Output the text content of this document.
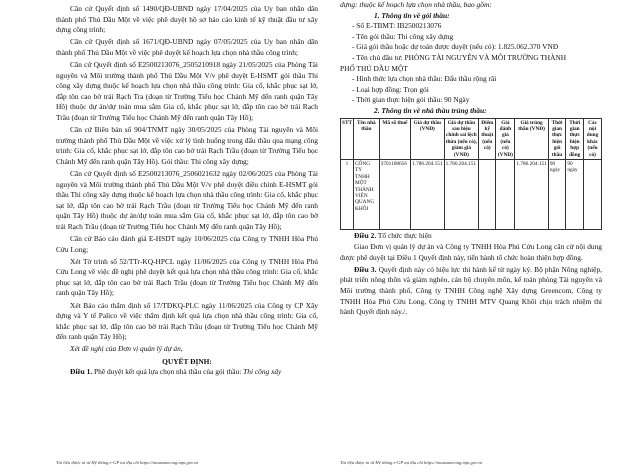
Căn cứ Quyết định số 1490/QĐ-UBND ngày 17/04/2025 của Uy ban nhân dân thành phố Thủ Dầu Một về việc phê duyệt hồ sơ báo cáo kinh tế kỹ thuật đầu tư xây dựng công trình;

Căn cứ Quyết định số 1671/QĐ-UBND ngày 07/05/2025 của Uy ban nhân dân thành phố Thủ Dầu Một về việc phê duyệt kế hoạch lựa chọn nhà thầu công trình;

Căn cứ Quyết định số E2500213076_2505210918 ngày 21/05/2025 của Phòng Tài nguyên và Môi trường thành phố Thủ Dầu Một V/v phê duyệt E-HSMT gói thầu Thi công xây dựng thuộc kế hoạch lựa chọn nhà thầu công trình: Gia cố, khắc phục sạt lở, đắp tôn cao bờ trái Rạch Tra (đoạn từ Trường Tiểu học Chánh Mỹ đến ranh quận Tây Hồ) thuộc dự án/dự toán mua sắm Gia cố, khắc phục sạt lở, đắp tôn cao bờ trái Rạch Trầu (đoạn từ Trường Tiểu học Chánh Mỹ đến ranh quận Tây Hồ);

Căn cứ Biên bản số 904/TNMT ngày 30/05/2025 của Phòng Tài nguyên và Môi trường thành phố Thủ Dầu Một về việc xử lý tình huống trong đấu thầu qua mạng công trình: Gia cố, khắc phục sạt lở, đắp tôn cao bờ trái Rạch Trầu (đoạn từ Trường Tiểu học Chánh Mỹ đến ranh quận Tây Hồ). Gói thầu: Thi công xây dựng;

Căn cứ Quyết định số E2500213076_2506021632 ngày 02/06/2025 của Phòng Tài nguyên và Môi trường thành phố Thủ Dầu Một V/v phê duyệt điều chỉnh E-HSMT gói thầu Thi công xây dựng thuộc kế hoạch lựa chọn nhà thầu công trình: Gia cố, khắc phục sạt lở, đắp tôn cao bờ trái Rạch Trầu (đoạn từ Trường Tiểu học Chánh Mỹ đến ranh quận Tây Hồ) thuộc dự án/dự toán mua sắm Gia cố, khắc phục sạt lở, đắp tôn cao bờ trái Rạch Trầu (đoạn từ Trường Tiểu học Chánh Mỹ đến ranh quận Tây Hồ);

Căn cứ Báo cáo đánh giá E-HSDT ngày 10/06/2025 của Công ty TNHH Hòa Phú Cửu Long;

Xét Tờ trình số 52/TTr-KQ-HPCL ngày 11/06/2025 của Công ty TNHH Hòa Phú Cửu Long về việc đề nghị phê duyệt kết quả lựa chọn nhà thầu công trình: Gia cố, khắc phục sạt lở, đắp tôn cao bờ trái Rạch Trầu (đoạn từ Trường Tiểu học Chánh Mỹ đến ranh quận Tây Hồ);

Xét Báo cáo thẩm định số 17/TĐKQ-PLC ngày 11/06/2025 của Công ty CP Xây dựng và Y tế Palico về việc thẩm định kết quả lựa chọn nhà thầu công trình: Gia cố, khắc phục sạt lở, đắp tôn cao bờ trái Rạch Trầu (đoạn từ Trường Tiểu học Chánh Mỹ đến ranh quận Tây Hồ);

Xét đề nghị của Đơn vị quản lý dự án,

QUYẾT ĐỊNH:

Điều 1. Phê duyệt kết quả lựa chọn nhà thầu của gói thầu: Thi công xây

dựng: thuộc kế hoạch lựa chọn nhà thầu, bao gồm:

1. Thông tin về gói thầu:
- Số E-TBMT: IB2500213076
- Tên gói thầu: Thi công xây dựng
- Giá gói thầu hoặc dự toán được duyệt (nếu có): 1.825.062.370 VNĐ
- Tên chủ đầu tư: PHÒNG TÀI NGUYÊN VÀ MÔI TRƯỜNG THÀNH
PHỐ THỦ DẦU MỘT
- Hình thức lựa chọn nhà thầu: Đấu thầu rộng rãi
- Loại hợp đồng: Trọn gói
- Thời gian thực hiện gói thầu: 90 Ngày
2. Thông tin về nhà thầu trúng thầu:
STT	Tên nhà thầu	Mã số thuế	Giá dự thầu (VNĐ)	Giá dự thầu sau hiệu chỉnh sai lệch thừa (nếu có), giảm giá (VNĐ)	Điểm kỹ thuật (nếu có)	Giá đánh giá (nếu có) (VNĐ)	Giá trúng thầu (VNĐ)	Thời gian thực hiện gói thầu	Thời gian thực hiện hợp đồng	Các nội dung khác (nếu có)
1	CÔNG TY TNHH MỘT THÀNH VIÊN QUANG KHÔI	3701108656	1.786.204.151	1.786.204.151			1.786.204.151	90 ngày	90 ngày	

Điều 2. Tổ chức thực hiện

Giao Đơn vị quản lý dự án và Công ty TNHH Hòa Phú Cửu Long căn cứ nội dung được phê duyệt tại Điều 1 Quyết định này, tiến hành tổ chức hoàn thiện hợp đồng.

Điều 3. Quyết định này có hiệu lực thi hành kể từ ngày ký. Bộ phận Nông nghiệp, phát triển nông thôn và giảm nghèo, cán bộ chuyên môn, kế toán phòng Tài nguyên và Môi trường thành phố, Công ty TNHH Công nghệ Xây dựng Greencom, Công ty TNHH Hòa Phú Cửu Long, Công ty TNHH MTV Quang Khôi chịu trách nhiệm thi hành Quyết định này./.

Tài liệu được in từ Hệ thống e-GP tại địa chỉ https://muasamcong.mpi.gov.vn	Tài liệu được in từ Hệ thống e-GP tại địa chỉ https://muasamcong.mpi.gov.vn
